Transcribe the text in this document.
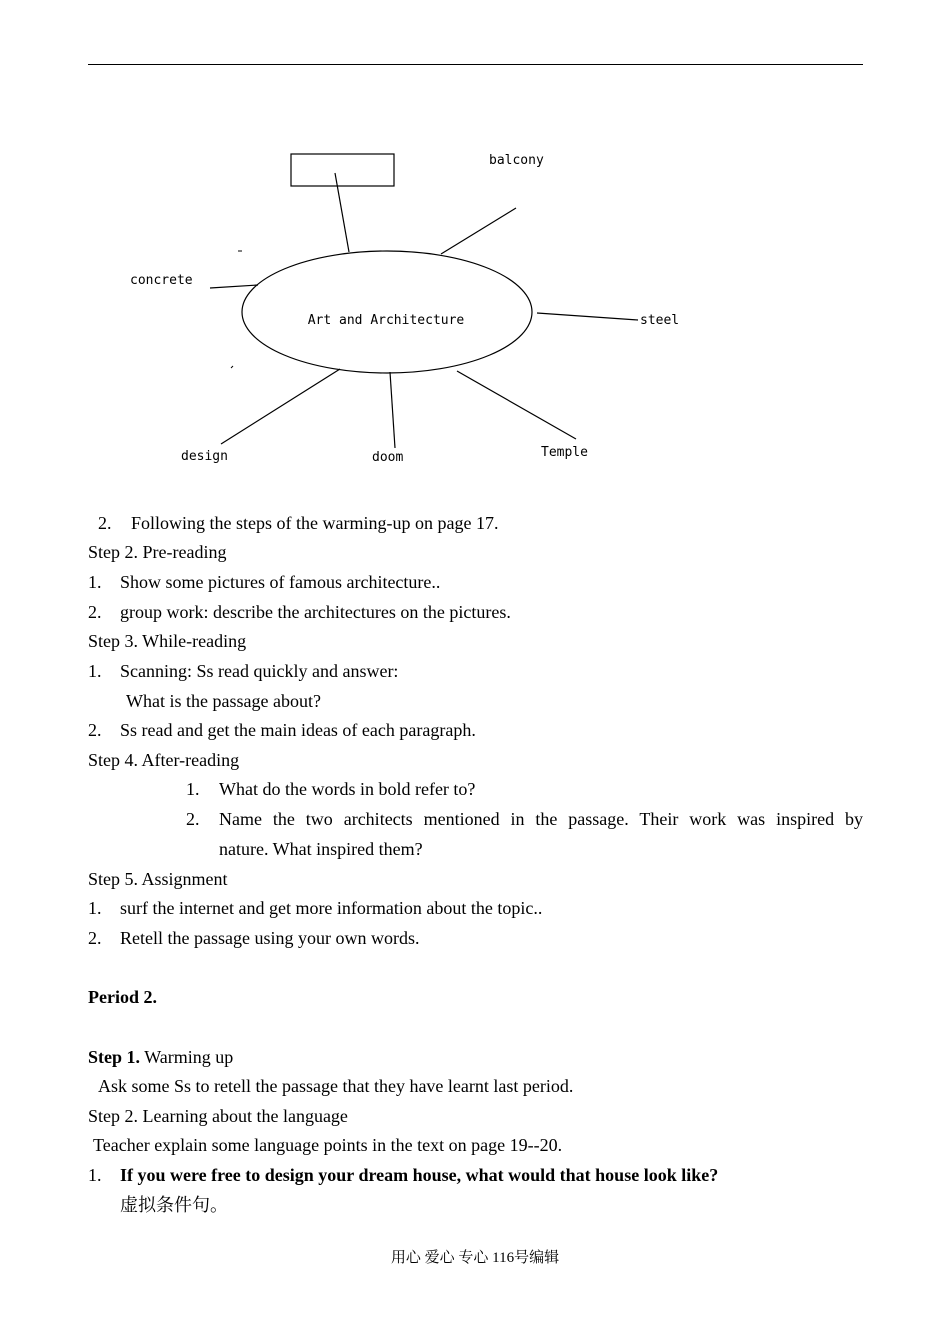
Art and Architecture
balcony
concrete
steel
design	doom	Temple
2. Following the steps of the warming-up on page 17.
Step 2. Pre-reading
1. Show some pictures of famous architecture..
2. group work: describe the architectures on the pictures.
Step 3. While-reading
1. Scanning: Ss read quickly and answer:
What is the passage about?
2. Ss read and get the main ideas of each paragraph.
Step 4. After-reading
1. What do the words in bold refer to?
2. Name the two architects mentioned in the passage. Their work was inspired by
nature. What inspired them?
Step 5. Assignment
1. surf the internet and get more information about the topic..
2. Retell the passage using your own words.
Period 2.
Step 1. Warming up
Ask some Ss to retell the passage that they have learnt last period.
Step 2. Learning about the language
Teacher explain some language points in the text on page 19--20.
1. If you were free to design your dream house, what would that house look like?
虚拟条件句。
用心 爱心 专心 116号编辑
